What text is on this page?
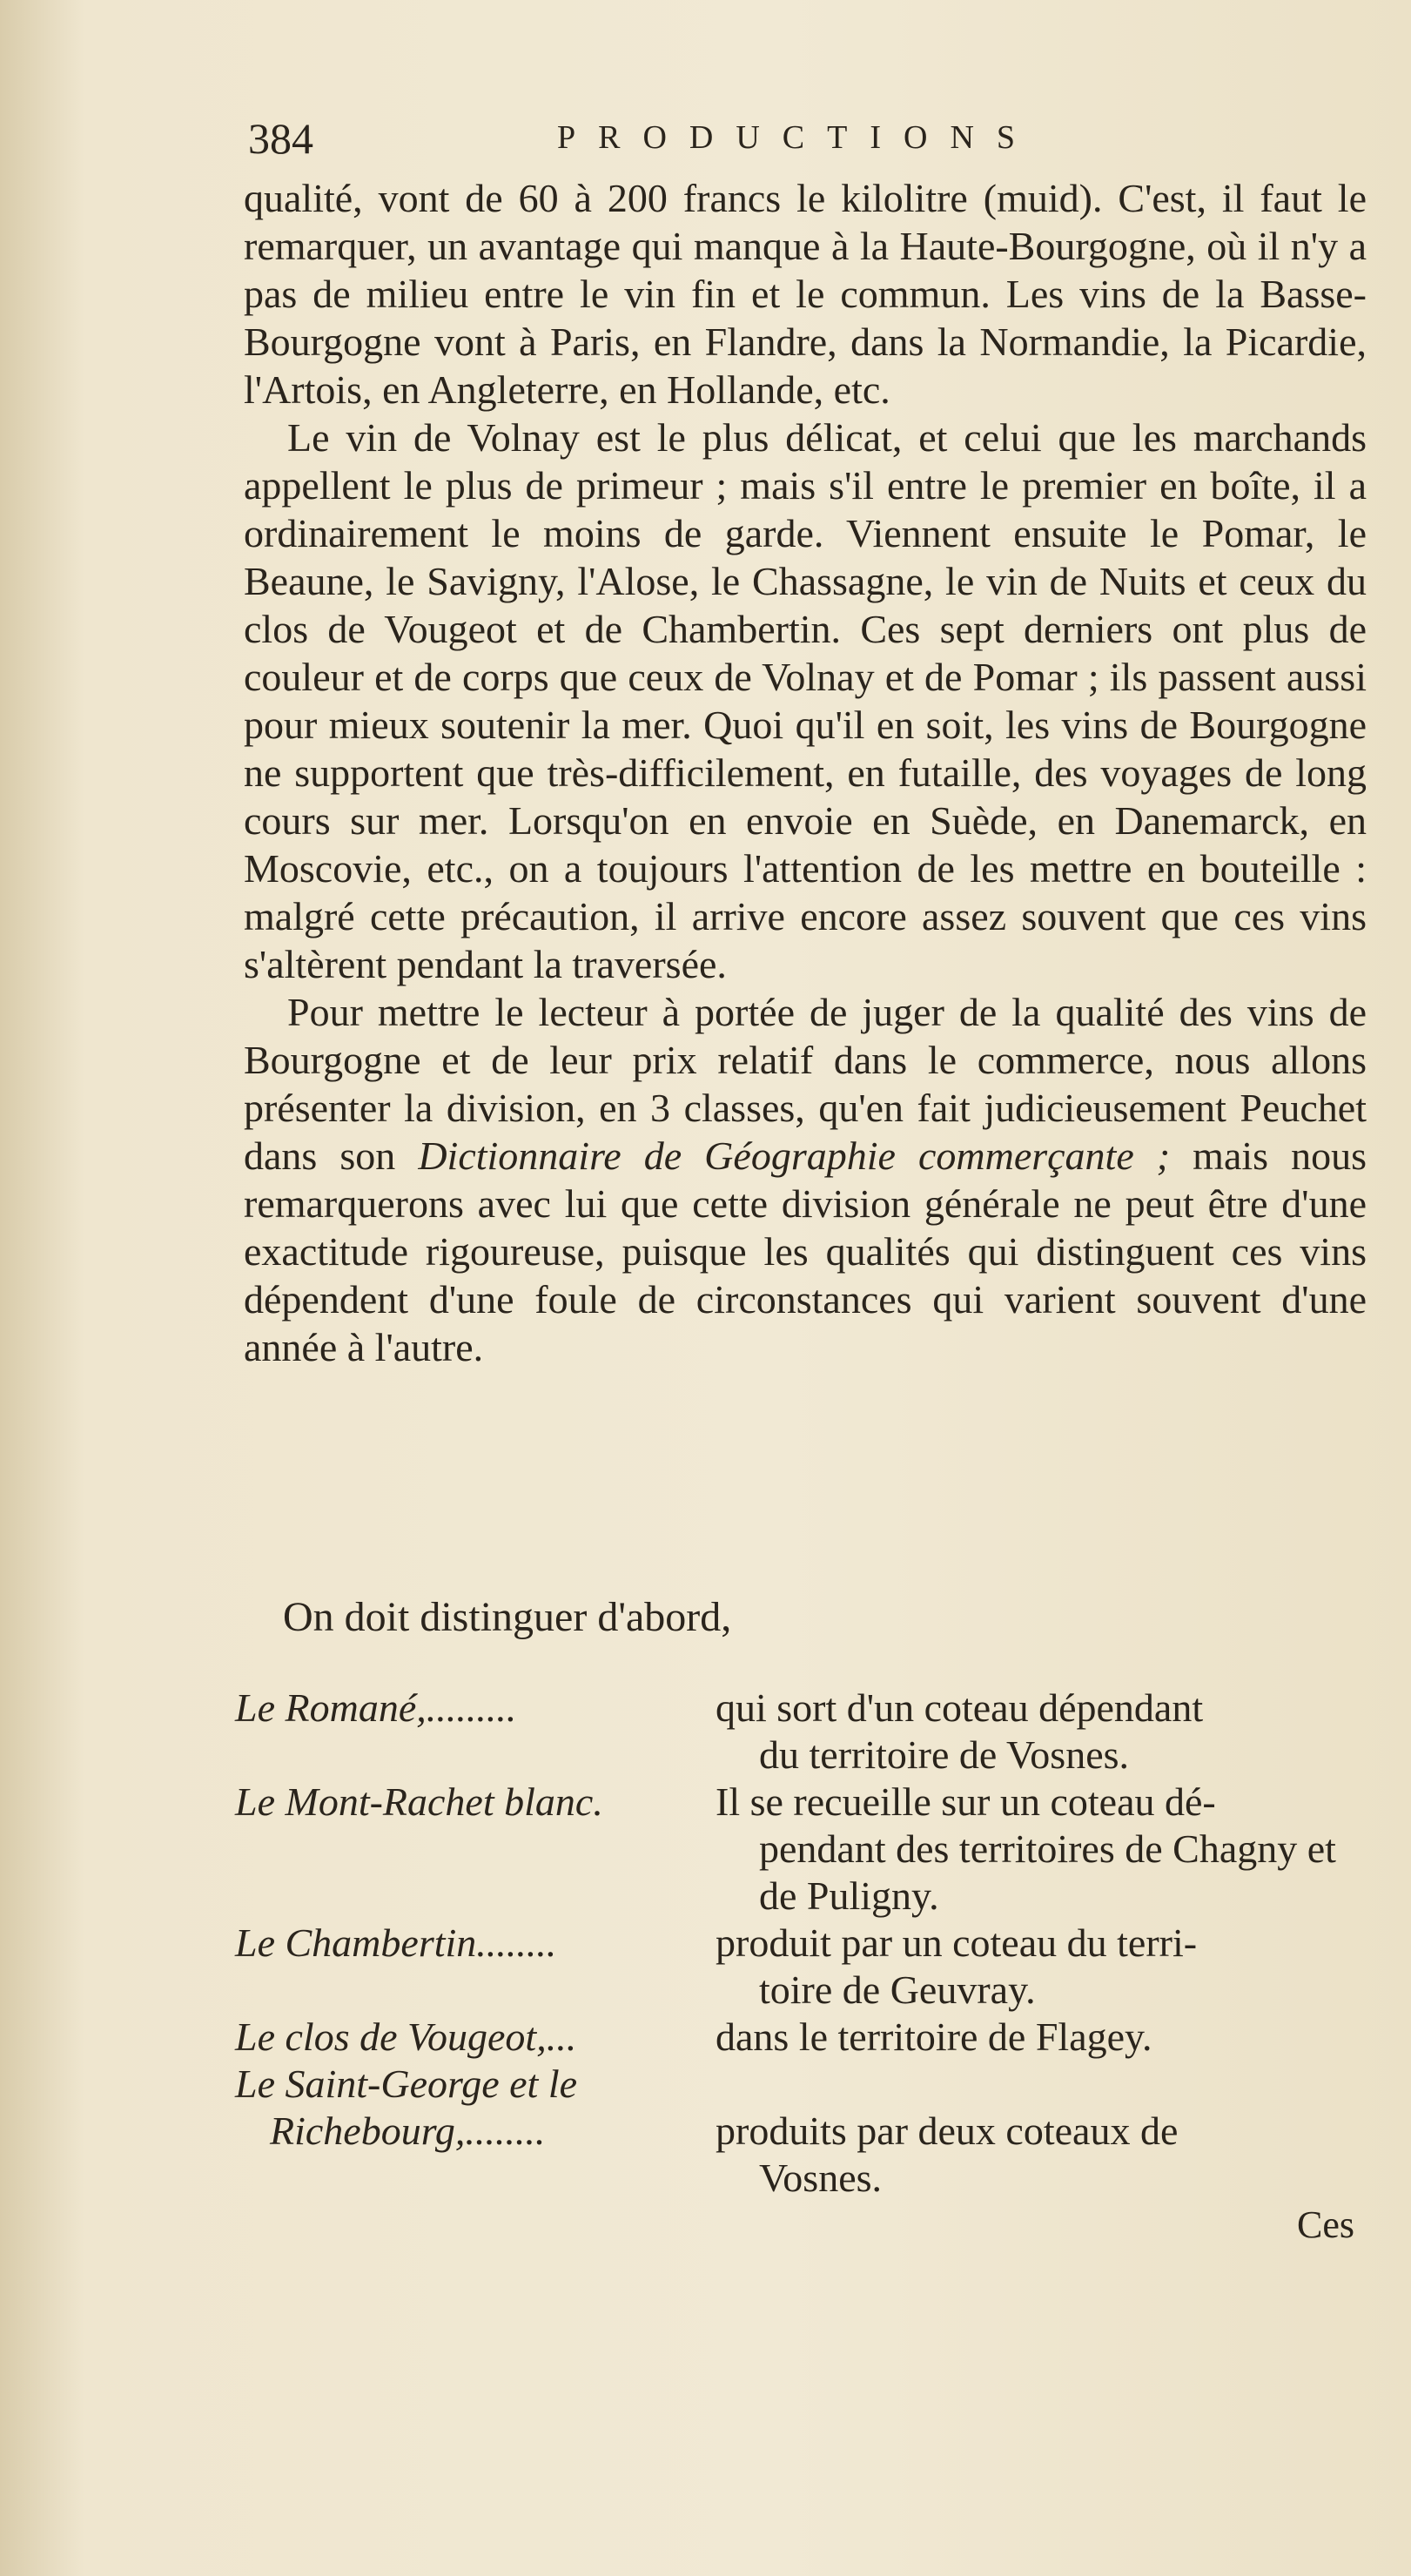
384	PRODUCTIONS

qualité, vont de 60 à 200 francs le kilolitre (muid). C'est, il faut le remarquer, un avantage qui manque à la Haute-Bourgogne, où il n'y a pas de milieu entre le vin fin et le commun. Les vins de la Basse-Bourgogne vont à Paris, en Flandre, dans la Normandie, la Picardie, l'Artois, en Angleterre, en Hollande, etc.

Le vin de Volnay est le plus délicat, et celui que les marchands appellent le plus de primeur ; mais s'il entre le premier en boîte, il a ordinairement le moins de garde. Viennent ensuite le Pomar, le Beaune, le Savigny, l'Alose, le Chassagne, le vin de Nuits et ceux du clos de Vougeot et de Chambertin. Ces sept derniers ont plus de couleur et de corps que ceux de Volnay et de Pomar ; ils passent aussi pour mieux soutenir la mer. Quoi qu'il en soit, les vins de Bourgogne ne supportent que très-difficilement, en futaille, des voyages de long cours sur mer. Lorsqu'on en envoie en Suède, en Danemarck, en Moscovie, etc., on a toujours l'attention de les mettre en bouteille : malgré cette précaution, il arrive encore assez souvent que ces vins s'altèrent pendant la traversée.

Pour mettre le lecteur à portée de juger de la qualité des vins de Bourgogne et de leur prix relatif dans le commerce, nous allons présenter la division, en 3 classes, qu'en fait judicieusement Peuchet dans son Dictionnaire de Géographie commerçante ; mais nous remarquerons avec lui que cette division générale ne peut être d'une exactitude rigoureuse, puisque les qualités qui distinguent ces vins dépendent d'une foule de circonstances qui varient souvent d'une année à l'autre.

On doit distinguer d'abord,
Le Romané,.........	qui sort d'un coteau dépendant
du territoire de Vosnes.
Le Mont-Rachet blanc.	Il se recueille sur un coteau dé-
pendant des territoires de Chagny et de Puligny.
Le Chambertin........	produit par un coteau du terri-
toire de Geuvray.
Le clos de Vougeot,...	dans le territoire de Flagey.
Le Saint-George et le
Richebourg,........	produits par deux coteaux de
Vosnes.
Ces
